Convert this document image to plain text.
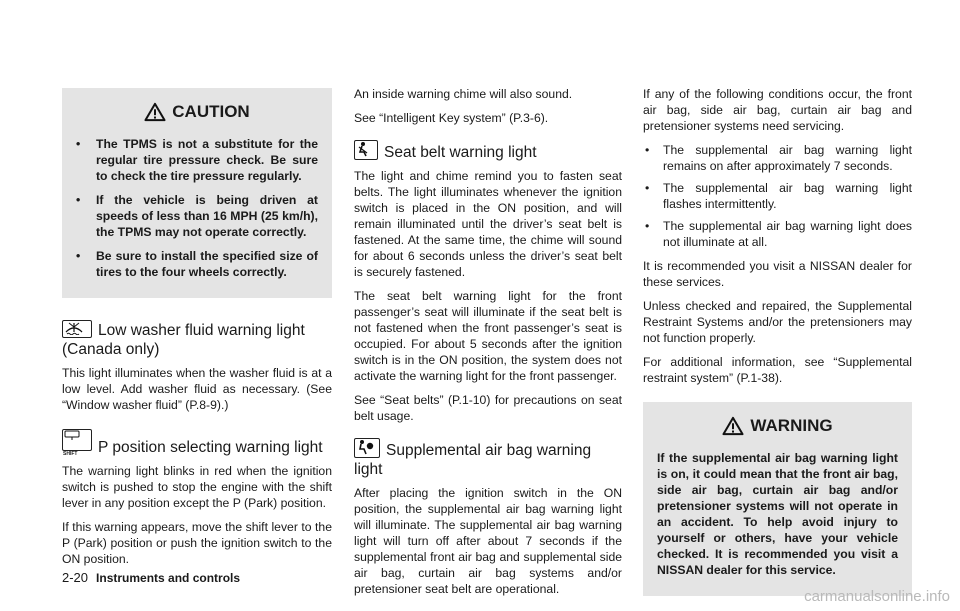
CAUTION
• The TPMS is not a substitute for the regular tire pressure check. Be sure to check the tire pressure regularly.
• If the vehicle is being driven at speeds of less than 16 MPH (25 km/h), the TPMS may not operate correctly.
• Be sure to install the specified size of tires to the four wheels correctly.
Low washer fluid warning light (Canada only)

This light illuminates when the washer fluid is at a low level. Add washer fluid as necessary. (See “Window washer fluid” (P.8-9).)

SHIFT P position selecting warning light

The warning light blinks in red when the ignition switch is pushed to stop the engine with the shift lever in any position except the P (Park) position.

If this warning appears, move the shift lever to the P (Park) position or push the ignition switch to the ON position.

An inside warning chime will also sound.

See “Intelligent Key system” (P.3-6).

Seat belt warning light

The light and chime remind you to fasten seat belts. The light illuminates whenever the ignition switch is placed in the ON position, and will remain illuminated until the driver’s seat belt is fastened. At the same time, the chime will sound for about 6 seconds unless the driver’s seat belt is securely fastened.

The seat belt warning light for the front passenger’s seat will illuminate if the seat belt is not fastened when the front passenger’s seat is occupied. For about 5 seconds after the ignition switch is in the ON position, the system does not activate the warning light for the front passenger.

See “Seat belts” (P.1-10) for precautions on seat belt usage.

Supplemental air bag warning light

After placing the ignition switch in the ON position, the supplemental air bag warning light will illuminate. The supplemental air bag warning light will turn off after about 7 seconds if the supplemental front air bag and supplemental side air bag, curtain air bag systems and/or pretensioner seat belt are operational.

If any of the following conditions occur, the front air bag, side air bag, curtain air bag and pretensioner systems need servicing.

• The supplemental air bag warning light remains on after approximately 7 seconds.
• The supplemental air bag warning light flashes intermittently.
• The supplemental air bag warning light does not illuminate at all.

It is recommended you visit a NISSAN dealer for these services.

Unless checked and repaired, the Supplemental Restraint Systems and/or the pretensioners may not function properly.

For additional information, see “Supplemental restraint system” (P.1-38).

WARNING

If the supplemental air bag warning light is on, it could mean that the front air bag, side air bag, curtain air bag and/or pretensioner systems will not operate in an accident. To help avoid injury to yourself or others, have your vehicle checked. It is recommended you visit a NISSAN dealer for this service.

2-20 Instruments and controls
carmanualsonline.info
